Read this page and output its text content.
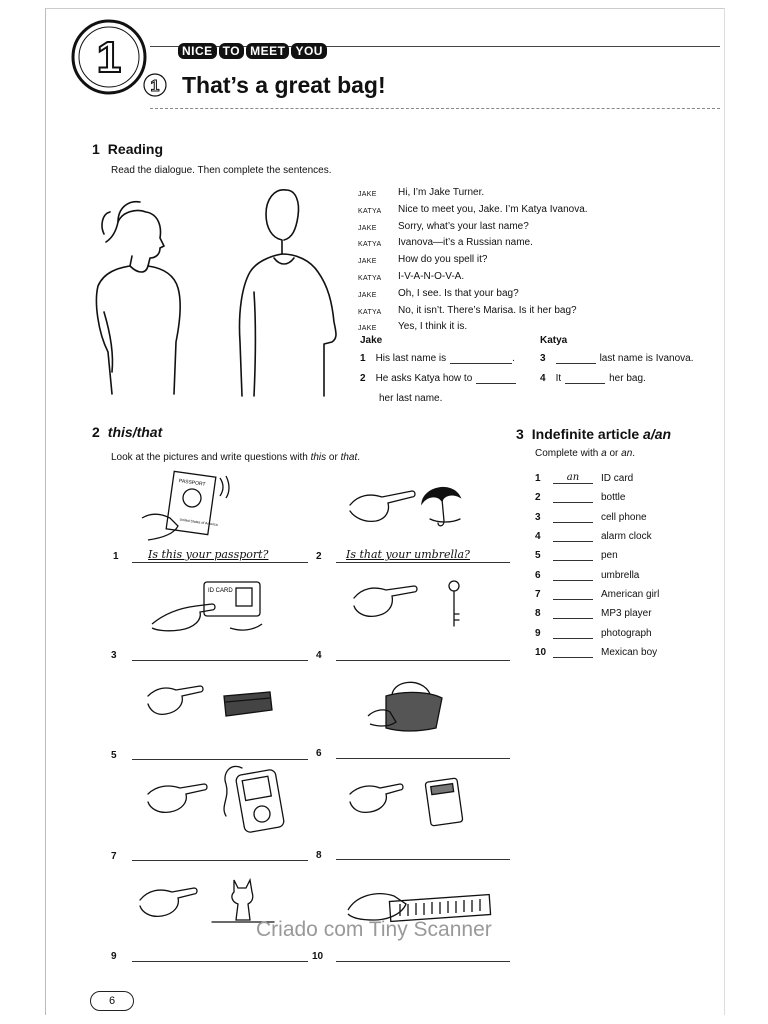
1	NICE TO MEET YOU
1 That’s a great bag!
1 Reading
Read the dialogue. Then complete the sentences.
JAKE	Hi, I’m Jake Turner.
KATYA	Nice to meet you, Jake. I’m Katya Ivanova.
JAKE	Sorry, what’s your last name?
KATYA	Ivanova—it’s a Russian name.
JAKE	How do you spell it?
KATYA	I-V-A-N-O-V-A.
JAKE	Oh, I see. Is that your bag?
KATYA	No, it isn’t. There’s Marisa. Is it her bag?
JAKE	Yes, I think it is.
Jake	Katya
1 His last name is	.
2 He asks Katya how to
her last name.
3	last name is Ivanova.
4 It	her bag.
2 this/that
Look at the pictures and write questions with this or that.
PASSPORT
United States of America
ID CARD
1	Is this your passport?	2 Is that your umbrella?
3	4
5	6
7	8
9	10
3 Indefinite article a/an
Complete with a or an.
1	an	ID card
2	bottle
3	cell phone
4	alarm clock
5	pen
6	umbrella
7	American girl
8	MP3 player
9	photograph
10	Mexican boy
Criado com Tiny Scanner
6
